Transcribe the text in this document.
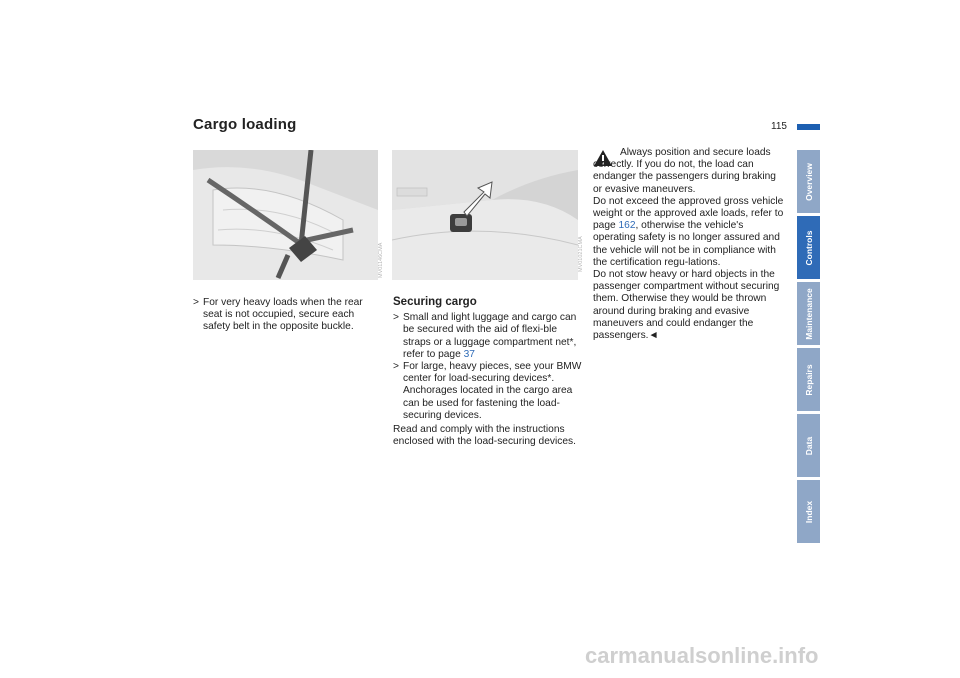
Cargo loading	115
Overview
Controls
Maintenance
Repairs
Data
Index
MV01146CMA	MV01021CMA

> For very heavy loads when the rear seat is not occupied, secure each safety belt in the opposite buckle.

Securing cargo

> Small and light luggage and cargo can be secured with the aid of flexi-ble straps or a luggage compartment net*, refer to page 37

> For large, heavy pieces, see your BMW center for load-securing devices*. Anchorages located in the cargo area can be used for fastening the load-securing devices.

Read and comply with the instructions enclosed with the load-securing devices.

Always position and secure loads correctly. If you do not, the load can endanger the passengers during braking or evasive maneuvers.

Do not exceed the approved gross vehicle weight or the approved axle loads, refer to page 162, otherwise the vehicle's operating safety is no longer assured and the vehicle will not be in compliance with the certification regu-lations.

Do not stow heavy or hard objects in the passenger compartment without securing them. Otherwise they would be thrown around during braking and evasive maneuvers and could endanger the passengers.◄

carmanualsonline.info
